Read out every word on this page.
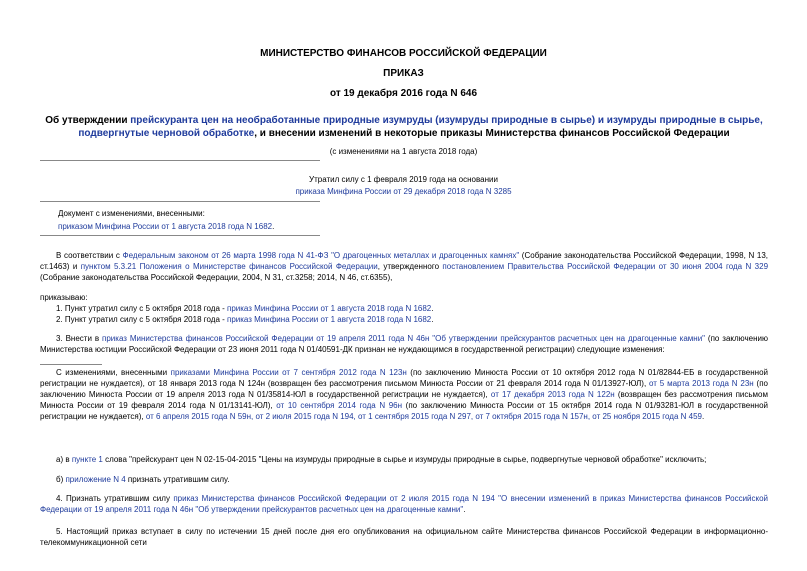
МИНИСТЕРСТВО ФИНАНСОВ РОССИЙСКОЙ ФЕДЕРАЦИИ
ПРИКАЗ
от 19 декабря 2016 года N 646
Об утверждении прейскуранта цен на необработанные природные изумруды (изумруды природные в сырье) и изумруды природные в сырье, подвергнутые черновой обработке, и внесении изменений в некоторые приказы Министерства финансов Российской Федерации
(с изменениями на 1 августа 2018 года)
Утратил силу с 1 февраля 2019 года на основании
приказа Минфина России от 29 декабря 2018 года N 3285
Документ с изменениями, внесенными:
приказом Минфина России от 1 августа 2018 года N 1682.
В соответствии с Федеральным законом от 26 марта 1998 года N 41-ФЗ "О драгоценных металлах и драгоценных камнях" (Собрание законодательства Российской Федерации, 1998, N 13, ст.1463) и пунктом 5.3.21 Положения о Министерстве финансов Российской Федерации, утвержденного постановлением Правительства Российской Федерации от 30 июня 2004 года N 329 (Собрание законодательства Российской Федерации, 2004, N 31, ст.3258; 2014, N 46, ст.6355),
приказываю:
1. Пункт утратил силу с 5 октября 2018 года - приказ Минфина России от 1 августа 2018 года N 1682.
2. Пункт утратил силу с 5 октября 2018 года - приказ Минфина России от 1 августа 2018 года N 1682.
3. Внести в приказ Министерства финансов Российской Федерации от 19 апреля 2011 года N 46н "Об утверждении прейскурантов расчетных цен на драгоценные камни" (по заключению Министерства юстиции Российской Федерации от 23 июня 2011 года N 01/40591-ДК признан не нуждающимся в государственной регистрации) следующие изменения:
С изменениями, внесенными приказами Минфина России от 7 сентября 2012 года N 123н (по заключению Минюста России от 10 октября 2012 года N 01/82844-ЕБ в государственной регистрации не нуждается), от 18 января 2013 года N 124н (возвращен без рассмотрения письмом Минюста России от 21 февраля 2014 года N 01/13927-ЮЛ), от 5 марта 2013 года N 23н (по заключению Минюста России от 19 апреля 2013 года N 01/35814-ЮЛ в государственной регистрации не нуждается), от 17 декабря 2013 года N 122н (возвращен без рассмотрения письмом Минюста России от 19 февраля 2014 года N 01/13141-ЮЛ), от 10 сентября 2014 года N 96н (по заключению Минюста России от 15 октября 2014 года N 01/93281-ЮЛ в государственной регистрации не нуждается), от 6 апреля 2015 года N 59н, от 2 июля 2015 года N 194, от 1 сентября 2015 года N 297, от 7 октября 2015 года N 157н, от 25 ноября 2015 года N 459.
а) в пункте 1 слова "прейскурант цен N 02-15-04-2015 "Цены на изумруды природные в сырье и изумруды природные в сырье, подвергнутые черновой обработке" исключить;
б) приложение N 4 признать утратившим силу.
4. Признать утратившим силу приказ Министерства финансов Российской Федерации от 2 июля 2015 года N 194 "О внесении изменений в приказ Министерства финансов Российской Федерации от 19 апреля 2011 года N 46н "Об утверждении прейскурантов расчетных цен на драгоценные камни".
5. Настоящий приказ вступает в силу по истечении 15 дней после дня его опубликования на официальном сайте Министерства финансов Российской Федерации в информационно-телекоммуникационной сети
